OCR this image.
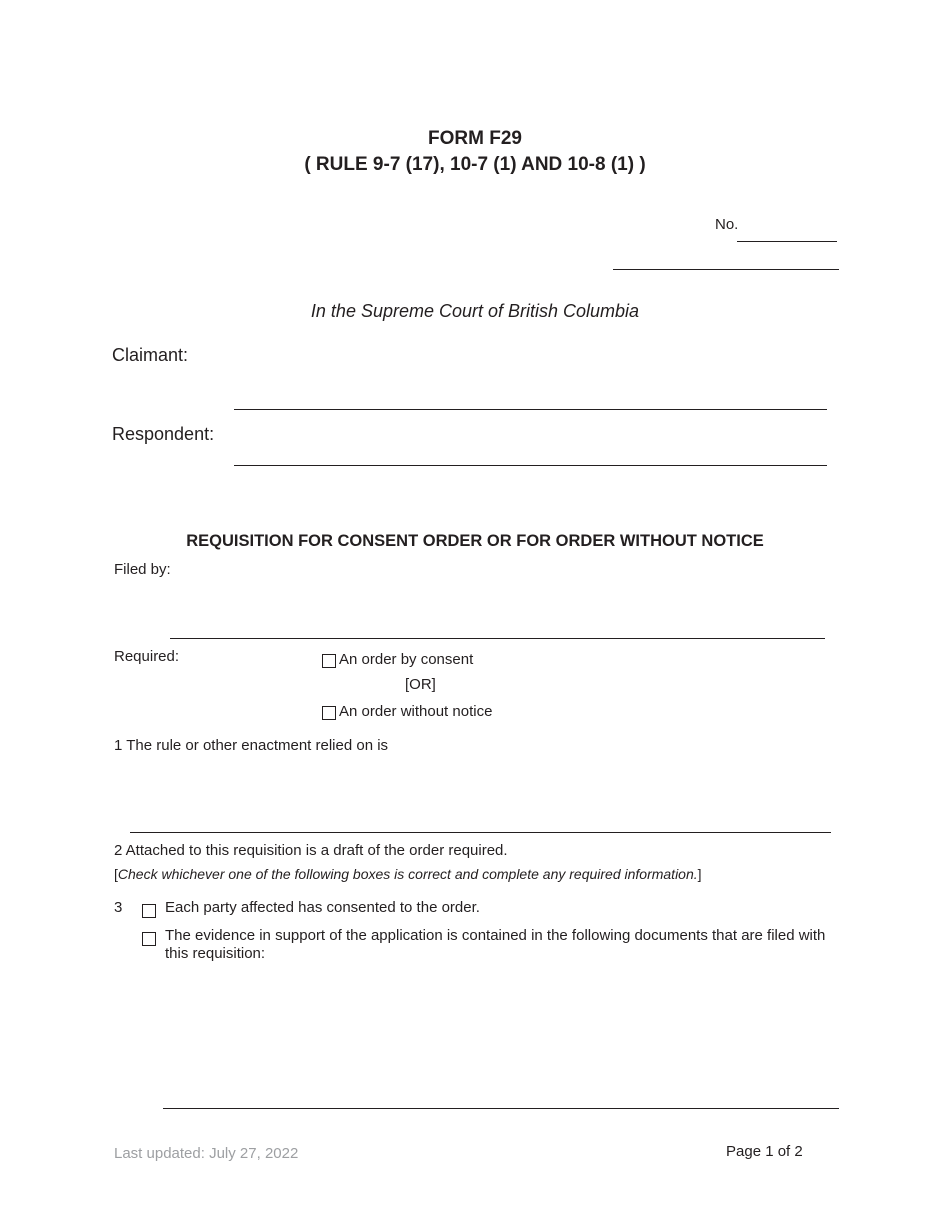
FORM F29
( RULE 9-7 (17), 10-7 (1) AND 10-8 (1) )
No.
In the Supreme Court of British Columbia
Claimant:
Respondent:
REQUISITION FOR CONSENT ORDER OR FOR ORDER WITHOUT NOTICE
Filed by:
Required:	An order by consent
[OR]
An order without notice
1 The rule or other enactment relied on is
2 Attached to this requisition is a draft of the order required.
[Check whichever one of the following boxes is correct and complete any required information.]
3	Each party affected has consented to the order.
The evidence in support of the application is contained in the following documents that are filed with this requisition:
Last updated: July 27, 2022	Page 1 of 2
